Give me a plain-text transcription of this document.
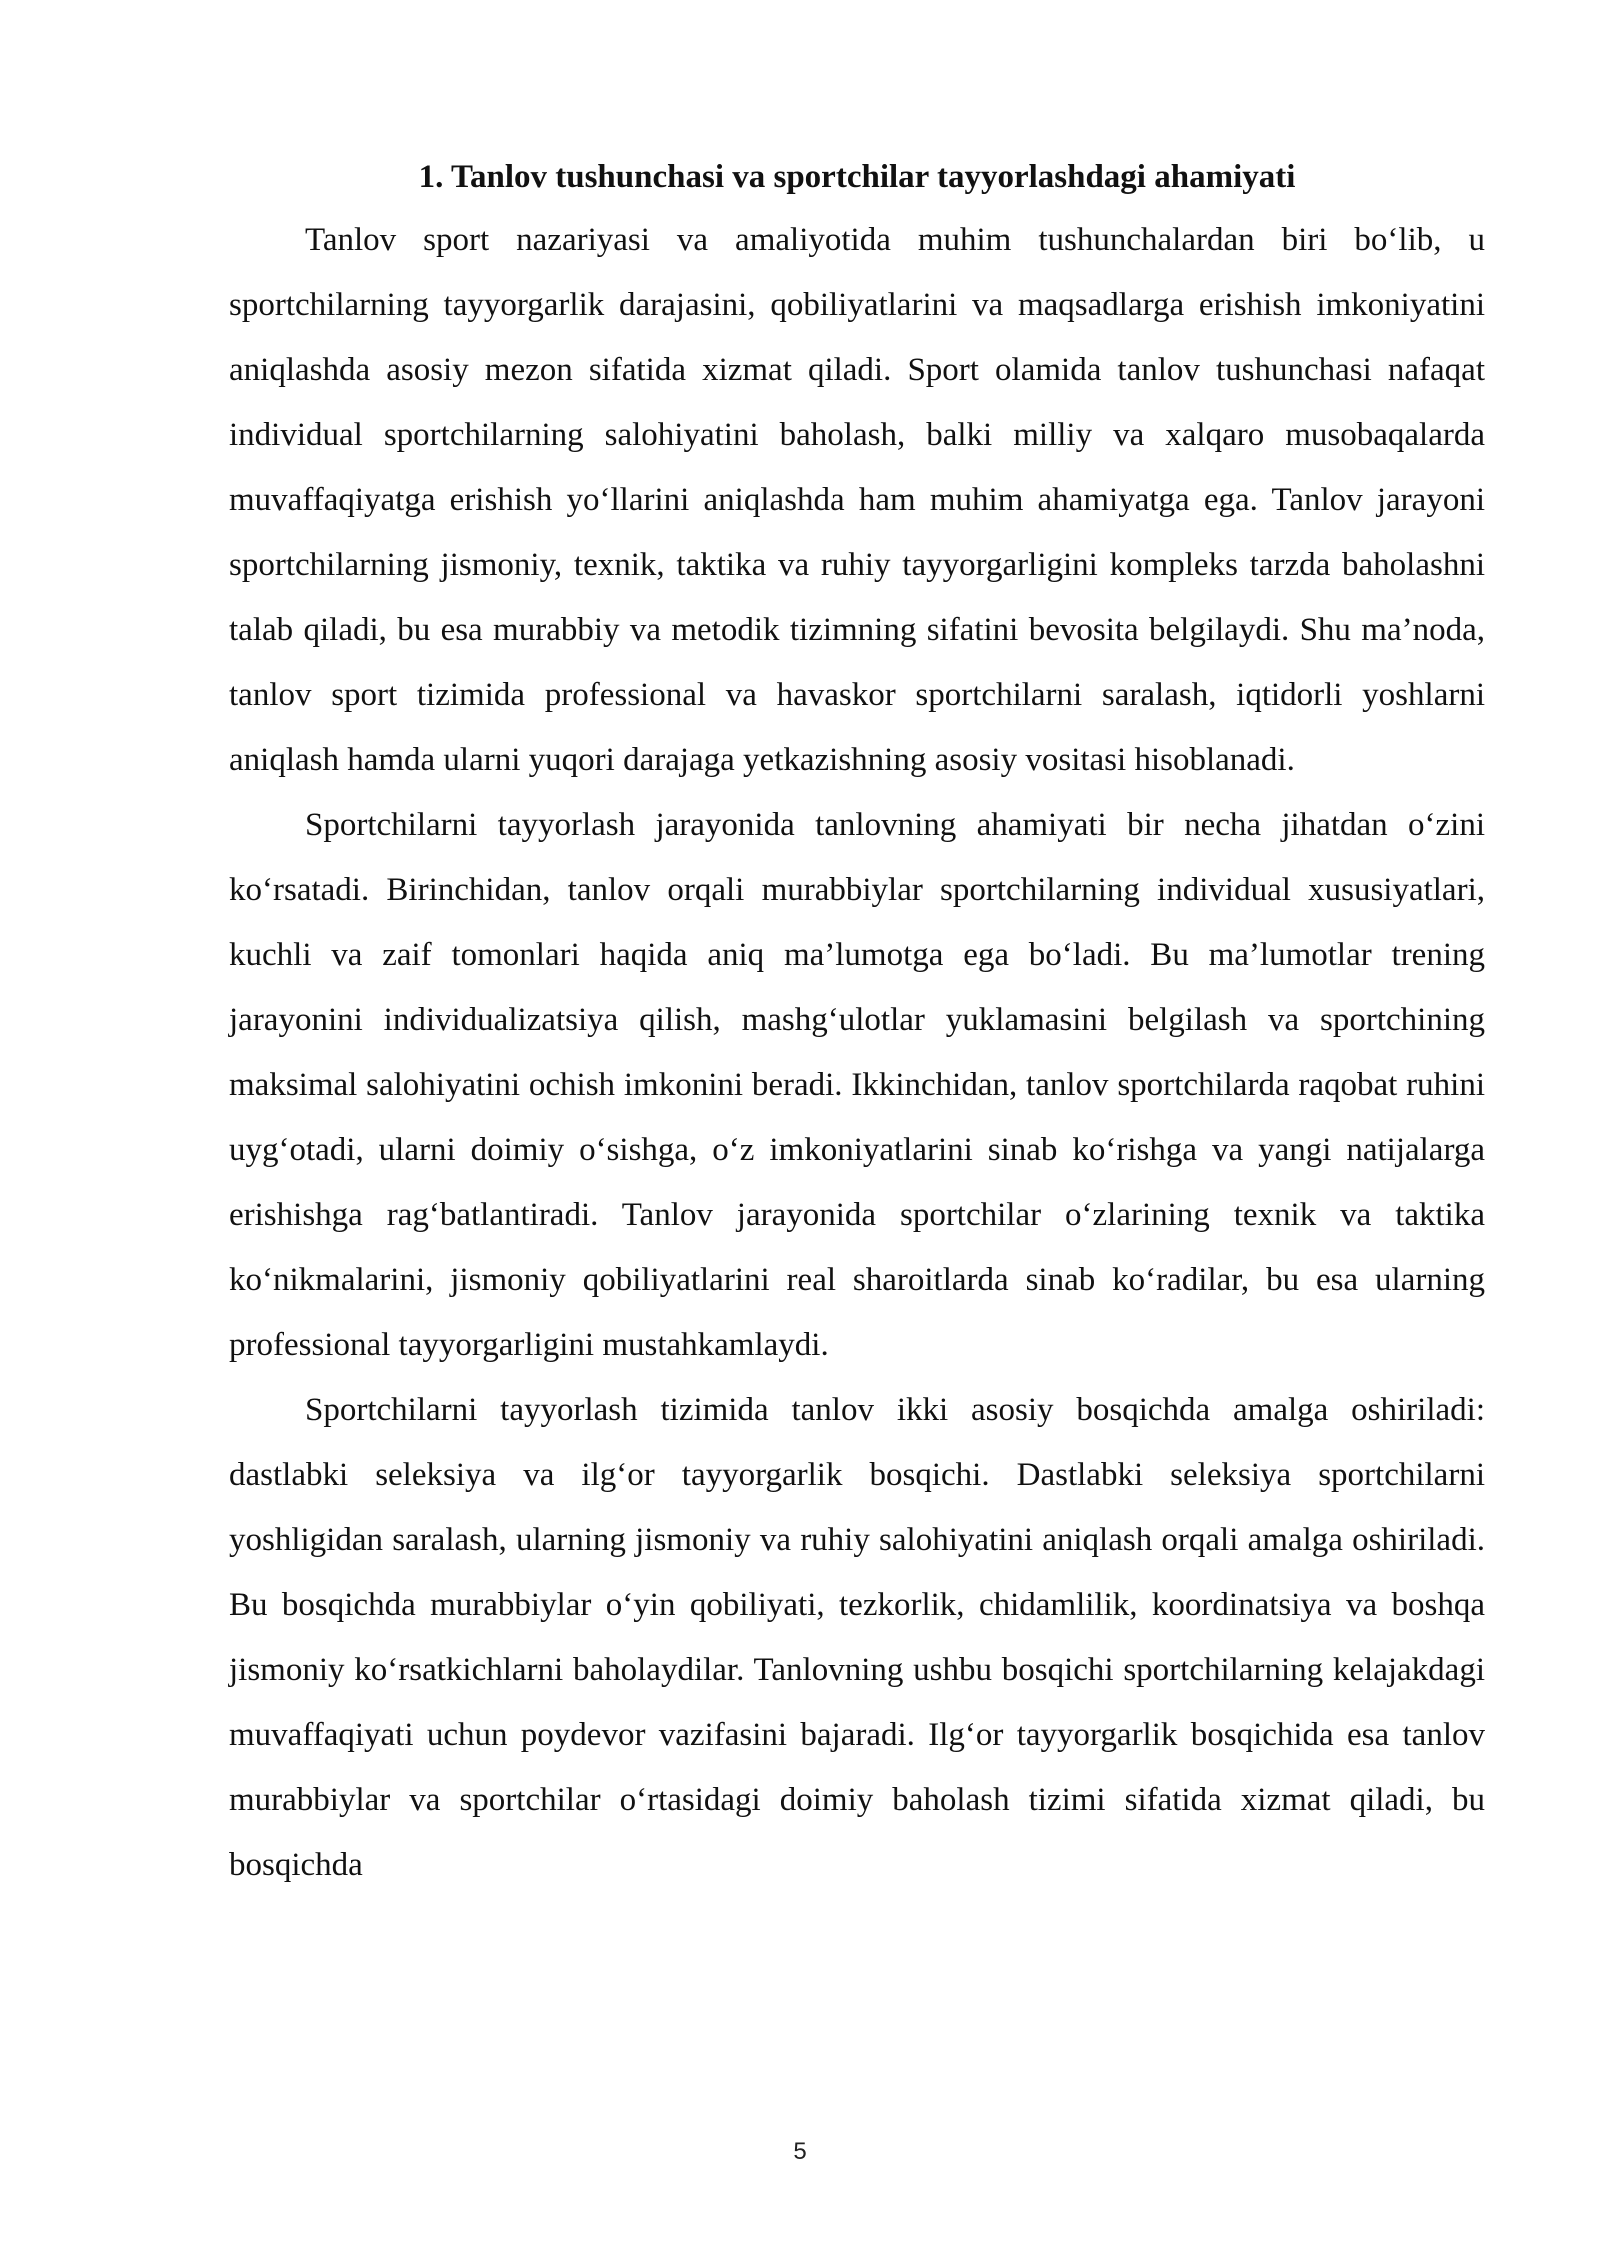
1. Tanlov tushunchasi va sportchilar tayyorlashdagi ahamiyati

Tanlov sport nazariyasi va amaliyotida muhim tushunchalardan biri bo‘lib, u sportchilarning tayyorgarlik darajasini, qobiliyatlarini va maqsadlarga erishish imkoniyatini aniqlashda asosiy mezon sifatida xizmat qiladi. Sport olamida tanlov tushunchasi nafaqat individual sportchilarning salohiyatini baholash, balki milliy va xalqaro musobaqalarda muvaffaqiyatga erishish yo‘llarini aniqlashda ham muhim ahamiyatga ega. Tanlov jarayoni sportchilarning jismoniy, texnik, taktika va ruhiy tayyorgarligini kompleks tarzda baholashni talab qiladi, bu esa murabbiy va metodik tizimning sifatini bevosita belgilaydi. Shu ma’noda, tanlov sport tizimida professional va havaskor sportchilarni saralash, iqtidorli yoshlarni aniqlash hamda ularni yuqori darajaga yetkazishning asosiy vositasi hisoblanadi.

Sportchilarni tayyorlash jarayonida tanlovning ahamiyati bir necha jihatdan o‘zini ko‘rsatadi. Birinchidan, tanlov orqali murabbiylar sportchilarning individual xususiyatlari, kuchli va zaif tomonlari haqida aniq ma’lumotga ega bo‘ladi. Bu ma’lumotlar trening jarayonini individualizatsiya qilish, mashg‘ulotlar yuklamasini belgilash va sportchining maksimal salohiyatini ochish imkonini beradi. Ikkinchidan, tanlov sportchilarda raqobat ruhini uyg‘otadi, ularni doimiy o‘sishga, o‘z imkoniyatlarini sinab ko‘rishga va yangi natijalarga erishishga rag‘batlantiradi. Tanlov jarayonida sportchilar o‘zlarining texnik va taktika ko‘nikmalarini, jismoniy qobiliyatlarini real sharoitlarda sinab ko‘radilar, bu esa ularning professional tayyorgarligini mustahkamlaydi.

Sportchilarni tayyorlash tizimida tanlov ikki asosiy bosqichda amalga oshiriladi: dastlabki seleksiya va ilg‘or tayyorgarlik bosqichi. Dastlabki seleksiya sportchilarni yoshligidan saralash, ularning jismoniy va ruhiy salohiyatini aniqlash orqali amalga oshiriladi. Bu bosqichda murabbiylar o‘yin qobiliyati, tezkorlik, chidamlilik, koordinatsiya va boshqa jismoniy ko‘rsatkichlarni baholaydilar. Tanlovning ushbu bosqichi sportchilarning kelajakdagi muvaffaqiyati uchun poydevor vazifasini bajaradi. Ilg‘or tayyorgarlik bosqichida esa tanlov murabbiylar va sportchilar o‘rtasidagi doimiy baholash tizimi sifatida xizmat qiladi, bu bosqichda

5
